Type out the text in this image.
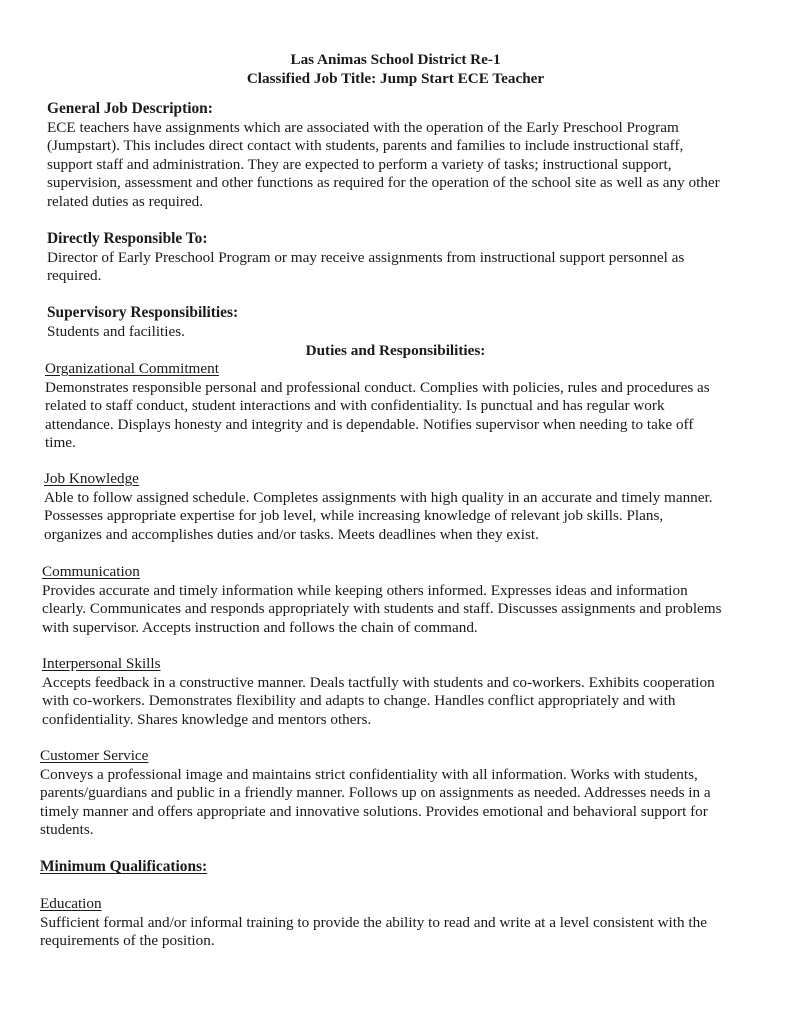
Las Animas School District Re-1
Classified Job Title: Jump Start ECE Teacher
General Job Description:
ECE teachers have assignments which are associated with the operation of the Early Preschool Program
(Jumpstart). This includes direct contact with students, parents and families to include instructional staff,
support staff and administration. They are expected to perform a variety of tasks; instructional support,
supervision, assessment and other functions as required for the operation of the school site as well as any other
related duties as required.
Directly Responsible To:
Director of Early Preschool Program or may receive assignments from instructional support personnel as
required.
Supervisory Responsibilities:
Students and facilities.
Duties and Responsibilities:
Organizational Commitment
Demonstrates responsible personal and professional conduct. Complies with policies, rules and procedures as
related to staff conduct, student interactions and with confidentiality. Is punctual and has regular work
attendance. Displays honesty and integrity and is dependable. Notifies supervisor when needing to take off
time.
Job Knowledge
Able to follow assigned schedule. Completes assignments with high quality in an accurate and timely manner.
Possesses appropriate expertise for job level, while increasing knowledge of relevant job skills. Plans,
organizes and accomplishes duties and/or tasks. Meets deadlines when they exist.
Communication
Provides accurate and timely information while keeping others informed. Expresses ideas and information
clearly. Communicates and responds appropriately with students and staff. Discusses assignments and problems
with supervisor. Accepts instruction and follows the chain of command.
Interpersonal Skills
Accepts feedback in a constructive manner. Deals tactfully with students and co-workers. Exhibits cooperation
with co-workers. Demonstrates flexibility and adapts to change. Handles conflict appropriately and with
confidentiality. Shares knowledge and mentors others.
Customer Service
Conveys a professional image and maintains strict confidentiality with all information. Works with students,
parents/guardians and public in a friendly manner. Follows up on assignments as needed. Addresses needs in a
timely manner and offers appropriate and innovative solutions. Provides emotional and behavioral support for
students.
Minimum Qualifications:
Education
Sufficient formal and/or informal training to provide the ability to read and write at a level consistent with the
requirements of the position.
